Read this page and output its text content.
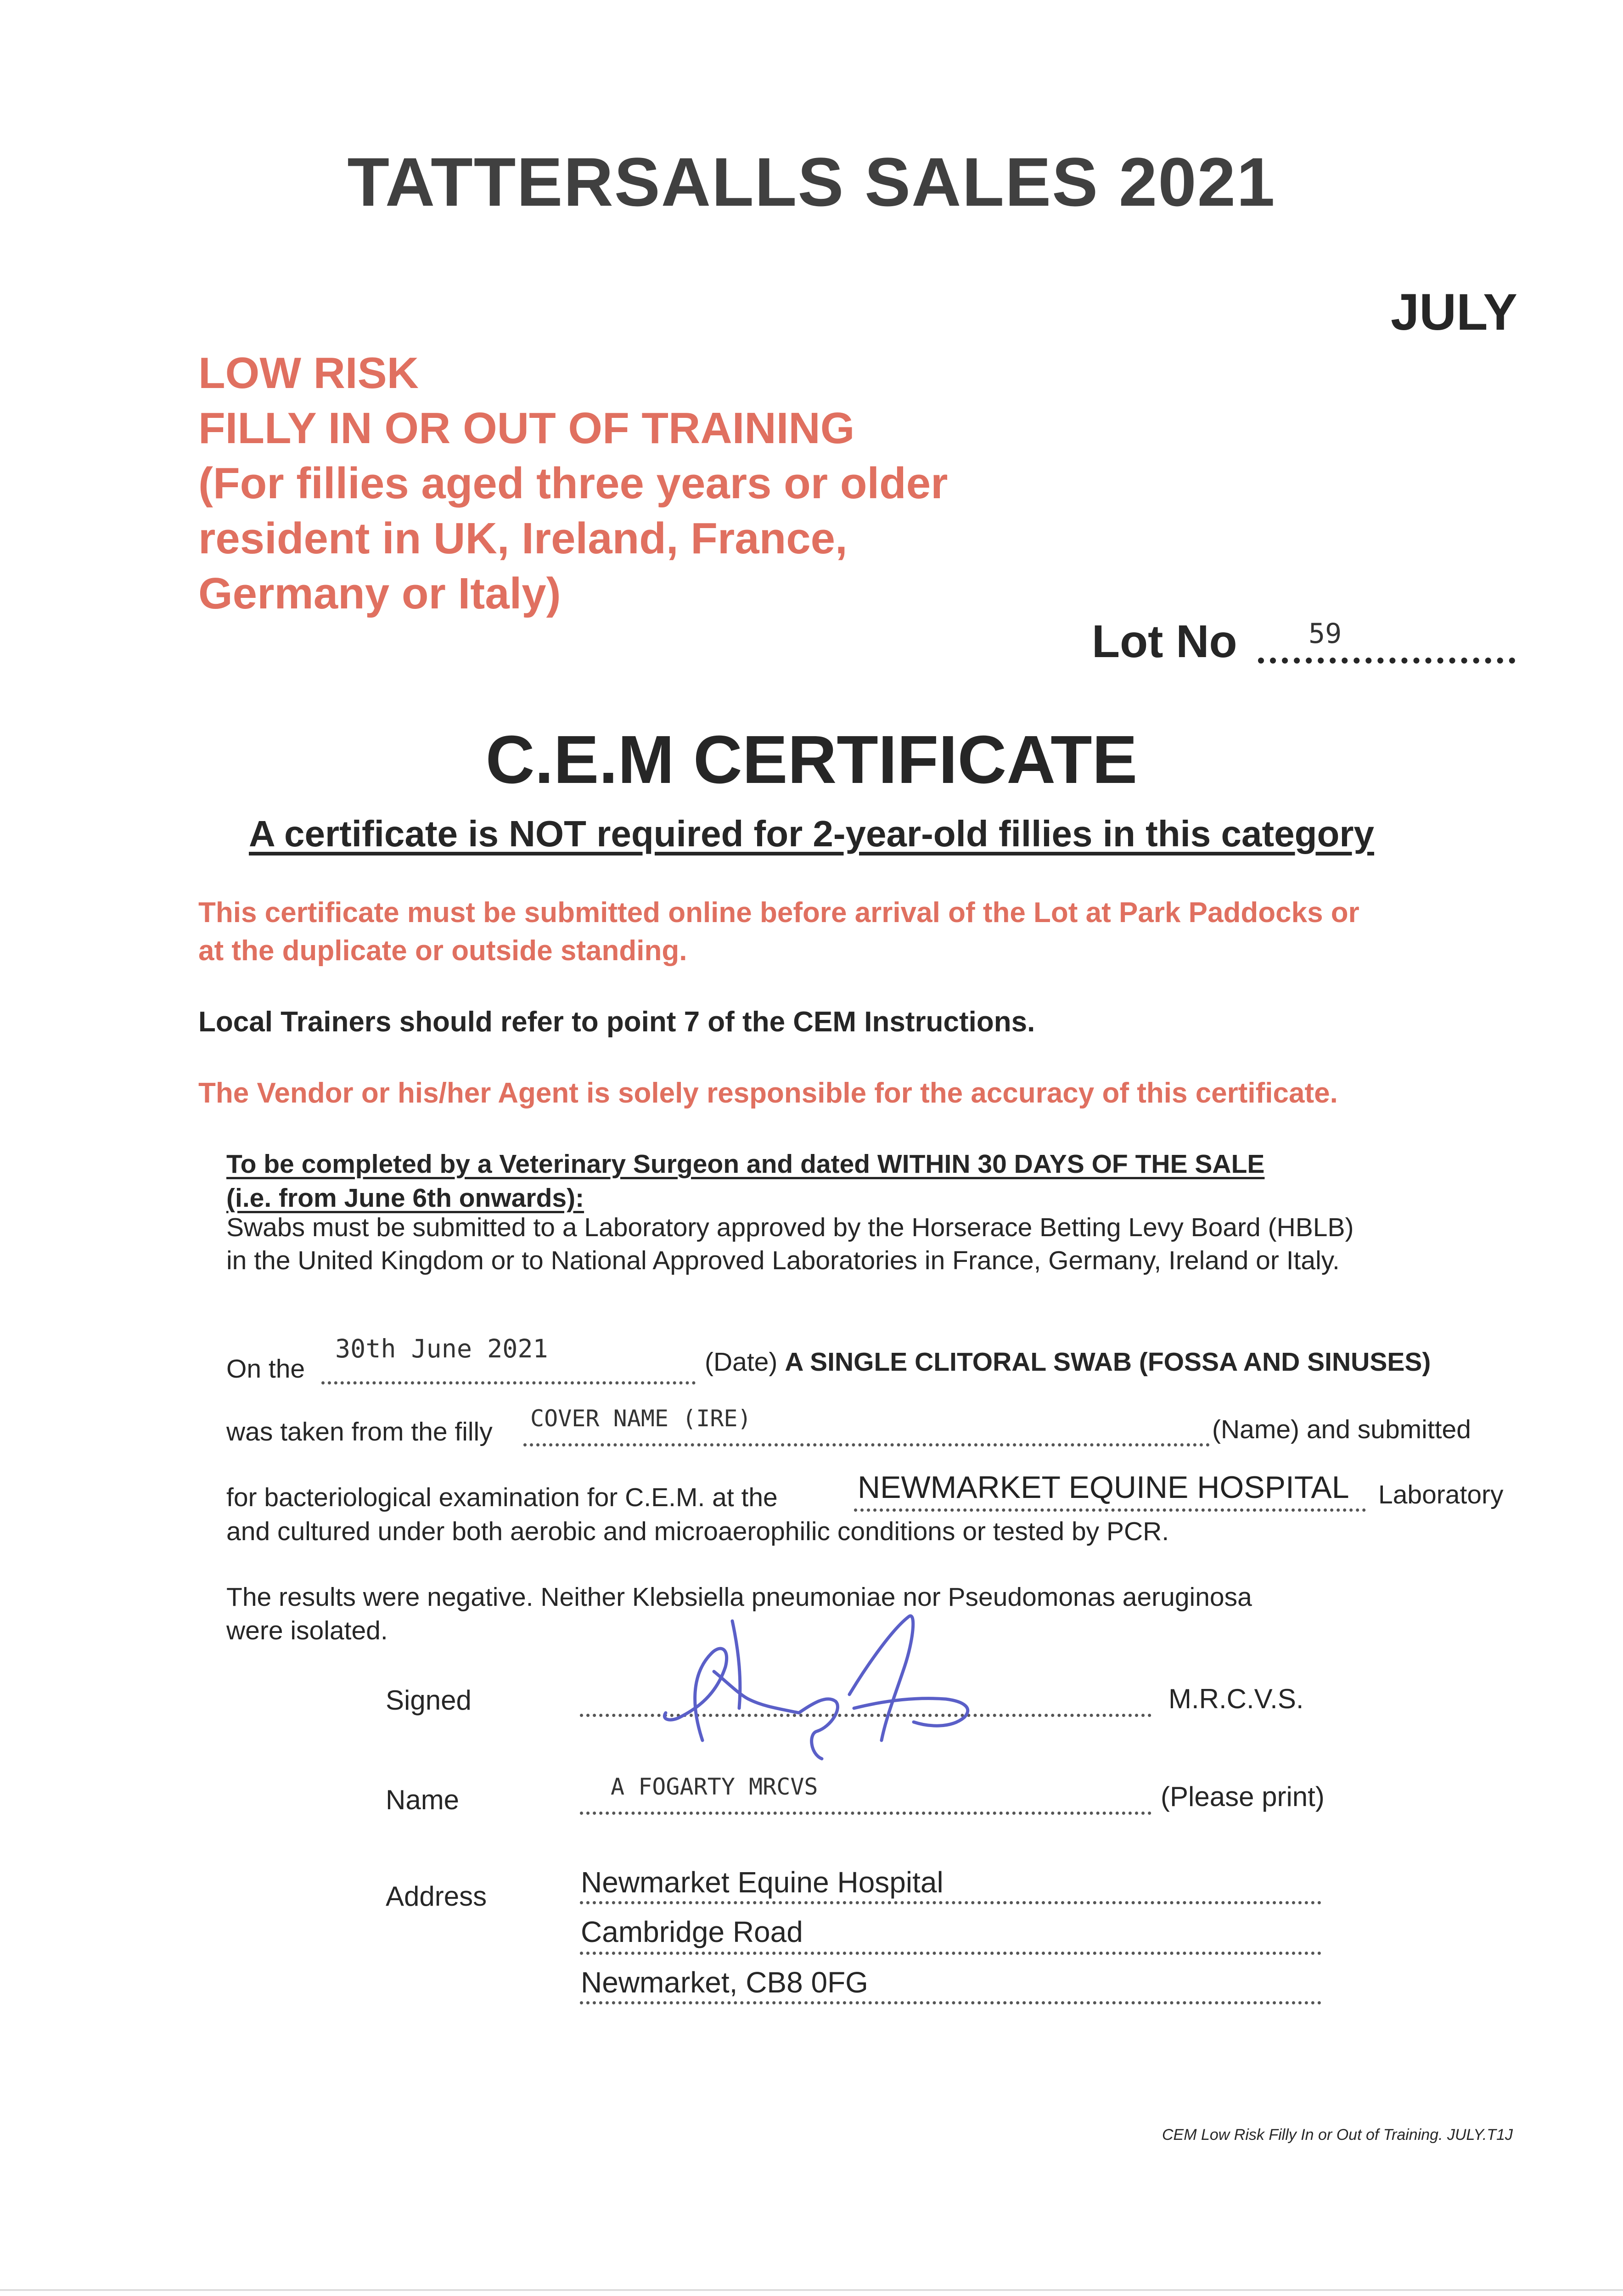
TATTERSALLS SALES 2021
JULY
LOW RISK
FILLY IN OR OUT OF TRAINING
(For fillies aged three years or older
resident in UK, Ireland, France,
Germany or Italy)
Lot No	59
C.E.M CERTIFICATE
A certificate is NOT required for 2-year-old fillies in this category
This certificate must be submitted online before arrival of the Lot at Park Paddocks or
at the duplicate or outside standing.
Local Trainers should refer to point 7 of the CEM Instructions.
The Vendor or his/her Agent is solely responsible for the accuracy of this certificate.
To be completed by a Veterinary Surgeon and dated WITHIN 30 DAYS OF THE SALE
(i.e. from June 6th onwards):
Swabs must be submitted to a Laboratory approved by the Horserace Betting Levy Board (HBLB)
in the United Kingdom or to National Approved Laboratories in France, Germany, Ireland or Italy.
On the
30th June 2021	(Date) A SINGLE CLITORAL SWAB (FOSSA AND SINUSES)
was taken from the filly COVER NAME (IRE)	(Name) and submitted
for bacteriological examination for C.E.M. at the	NEWMARKET EQUINE HOSPITAL Laboratory
and cultured under both aerobic and microaerophilic conditions or tested by PCR.
The results were negative. Neither Klebsiella pneumoniae nor Pseudomonas aeruginosa
were isolated.
Signed	M.R.C.V.S.
Name	A FOGARTY MRCVS	(Please print)
Address	Newmarket Equine Hospital
Cambridge Road
Newmarket, CB8 0FG
CEM Low Risk Filly In or Out of Training. JULY.T1J
